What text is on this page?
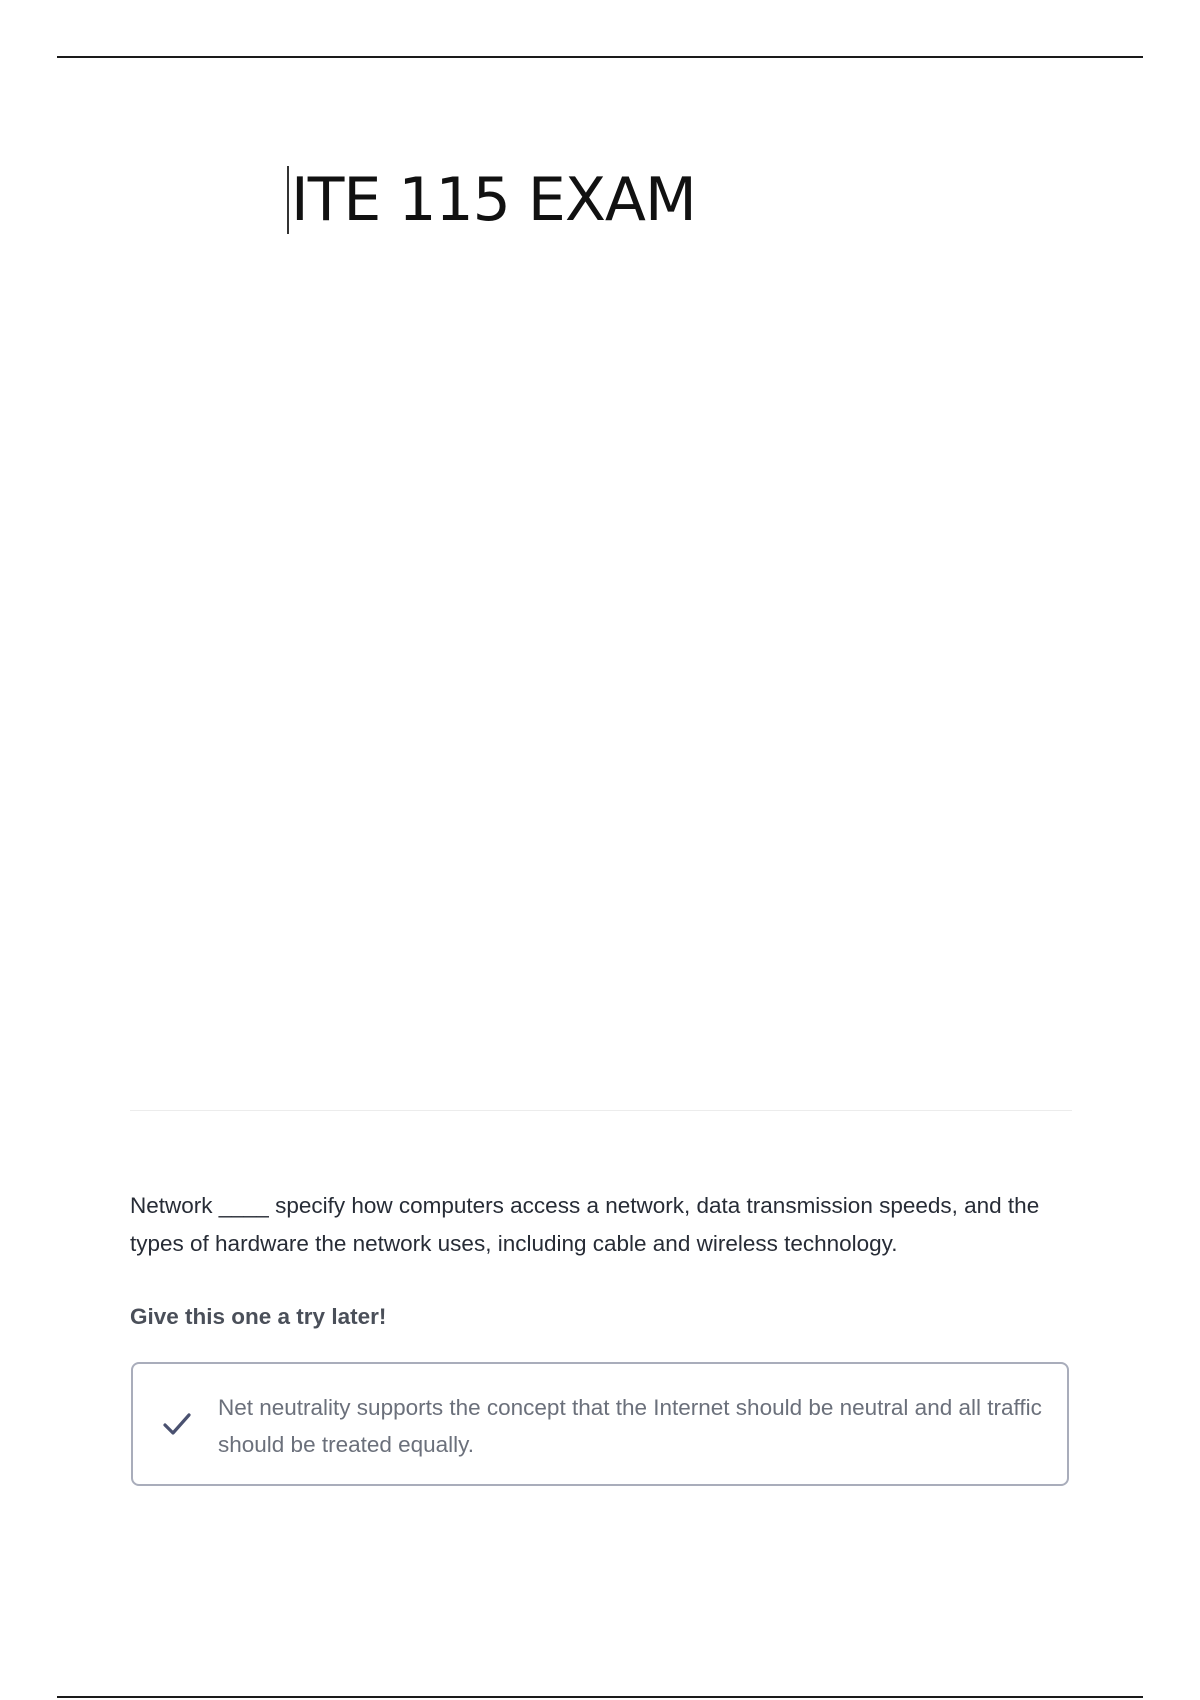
ITE 115 EXAM
Network ____ specify how computers access a network, data transmission speeds, and the types of hardware the network uses, including cable and wireless technology.
Give this one a try later!
Net neutrality supports the concept that the Internet should be neutral and all traffic should be treated equally.
